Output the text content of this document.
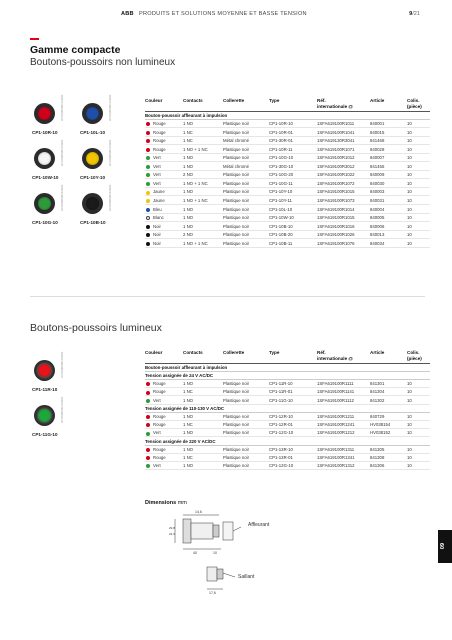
ABB PRODUITS ET SOLUTIONS MOYENNE ET BASSE TENSION	9/21
Gamme compacte
Boutons-poussoirs non lumineux
2CSS005001C0201
CP1-10R-10
2CSS005001C0201
CP1-10L-10
2CSS005001C0201
CP1-10W-10
2CSS005001C0201
CP1-10Y-10
2CSS005001C0201
CP1-10G-10
2CSS005001C0201
CP1-10B-10
Couleur	Contacts	Collerette	Type	Réf.
internationale @
Article	Colis.
(pièce)
Bouton-poussoir affleurant à impulsion
Rouge	1 NO	Plastique noir	CP1-10R-10	1SFA619100R1011	840001	10
Rouge	1 NC	Plastique noir	CP1-10R-01	1SFA619100R1041	840015	10
Rouge	1 NC	Métal chromé	CP1-30R-01	1SFA619130R3041	841468	10
Rouge	1 NO + 1 NC	Plastique noir	CP1-10R-11	1SFA619100R1071	840028	10
Vert	1 NO	Plastique noir	CP1-10G-10	1SFA619100R1012	840007	10
Vert	1 NO	Métal chromé	CP1-30G-10	1SFA619100R3012	841455	10
Vert	2 NO	Plastique noir	CP1-10G-20	1SFA619100R1022	840009	10
Vert	1 NO + 1 NC	Plastique noir	CP1-10G-11	1SFA619100R1072	840030	10
Jaune	1 NO	Plastique noir	CP1-10Y-10	1SFA619100R1015	840003	10
Jaune	1 NO + 1 NC	Plastique noir	CP1-10Y-11	1SFA619100R1073	840031	10
Bleu	1 NO	Plastique noir	CP1-10L-10	1SFA619100R1014	840004	10
Blanc	1 NO	Plastique noir	CP1-10W-10	1SFA619100R1015	840005	10
Noir	1 NO	Plastique noir	CP1-10B-10	1SFA619100R1016	840006	10
Noir	2 NO	Plastique noir	CP1-10B-20	1SFA619100R1026	840013	10
Noir	1 NO + 1 NC	Plastique noir	CP1-10B-11	1SFA619100R1076	840034	10
Boutons-poussoirs lumineux
2CSS005001C0201
CP1-11R-10
2CSS005001C0201
CP1-11G-10
Couleur	Contacts	Collerette	Type	Réf.
internationale @
Article	Colis.
(pièce)
Bouton-poussoir affleurant à impulsion
Tension assignée de 24 V AC/DC
Rouge	1 NO	Plastique noir	CP1-11R-10	1SFA619100R1111	841301	10
Rouge	1 NC	Plastique noir	CP1-11R-01	1SFA619100R1141	841304	10
Vert	1 NO	Plastique noir	CP1-11G-10	1SFA619100R1112	841302	10
Tension assignée de 110-130 V AC/DC
Rouge	1 NO	Plastique noir	CP1-12R-10	1SFA619100R1211	840729	10
Rouge	1 NC	Plastique noir	CP1-12R-01	1SFA619100R1241	HV038154	10
Vert	1 NO	Plastique noir	CP1-12G-10	1SFA619100R1212	HV038152	10
Tension assignée de 220 V AC/DC
Rouge	1 NO	Plastique noir	CP1-13R-10	1SFA619100R1311	841305	10
Rouge	1 NC	Plastique noir	CP1-13R-01	1SFA619100R1341	841308	10
Vert	1 NO	Plastique noir	CP1-13G-10	1SFA619100R1312	841306	10
Dimensions mm
14,6
29,8
22,3
40	10
17,6
Affleurant
Saillant
09
